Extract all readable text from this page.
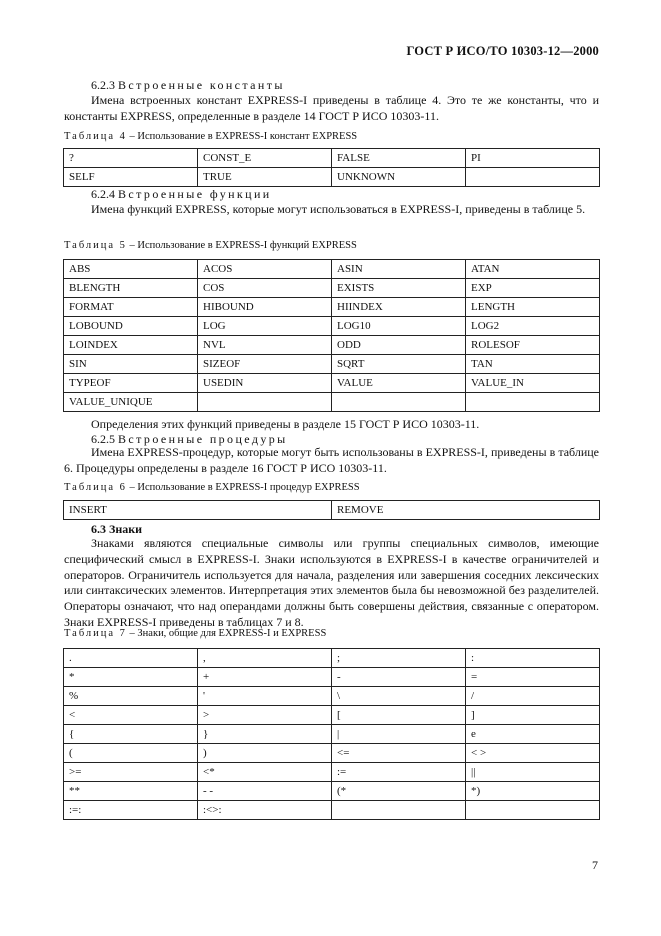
ГОСТ Р ИСО/ТО 10303-12—2000
6.2.3 Встроенные константы
Имена встроенных констант EXPRESS-I приведены в таблице 4. Это те же константы, что и константы EXPRESS, определенные в разделе 14 ГОСТ Р ИСО 10303-11.
Таблица 4 – Использование в EXPRESS-I констант EXPRESS
?	CONST_E	FALSE	PI
SELF	TRUE	UNKNOWN	
6.2.4 Встроенные функции
Имена функций EXPRESS, которые могут использоваться в EXPRESS-I, приведены в таблице 5.
Таблица 5 – Использование в EXPRESS-I функций EXPRESS
ABS	ACOS	ASIN	ATAN
BLENGTH	COS	EXISTS	EXP
FORMAT	HIBOUND	HIINDEX	LENGTH
LOBOUND	LOG	LOG10	LOG2
LOINDEX	NVL	ODD	ROLESOF
SIN	SIZEOF	SQRT	TAN
TYPEOF	USEDIN	VALUE	VALUE_IN
VALUE_UNIQUE			
Определения этих функций приведены в разделе 15 ГОСТ Р ИСО 10303-11.
6.2.5 Встроенные процедуры
Имена EXPRESS-процедур, которые могут быть использованы в EXPRESS-I, приведены в таблице 6. Процедуры определены в разделе 16 ГОСТ Р ИСО 10303-11.
Таблица 6 – Использование в EXPRESS-I процедур EXPRESS
INSERT	REMOVE
6.3 Знаки
Знаками являются специальные символы или группы специальных символов, имеющие специфический смысл в EXPRESS-I. Знаки используются в EXPRESS-I в качестве ограничителей и операторов. Ограничитель используется для начала, разделения или завершения соседних лексических или синтаксических элементов. Интерпретация этих элементов была бы невозможной без разделителей. Операторы означают, что над операндами должны быть совершены действия, связанные с оператором. Знаки EXPRESS-I приведены в таблицах 7 и 8.
Таблица 7 – Знаки, общие для EXPRESS-I и EXPRESS
.	,	;	:
*	+	-	=
%	'	\	/
<	>	[	]
{	}	|	e
(	)	<=	< >
>=	<*	:=	||
**	- -	(*	*)
:=:	:<>:		
7
